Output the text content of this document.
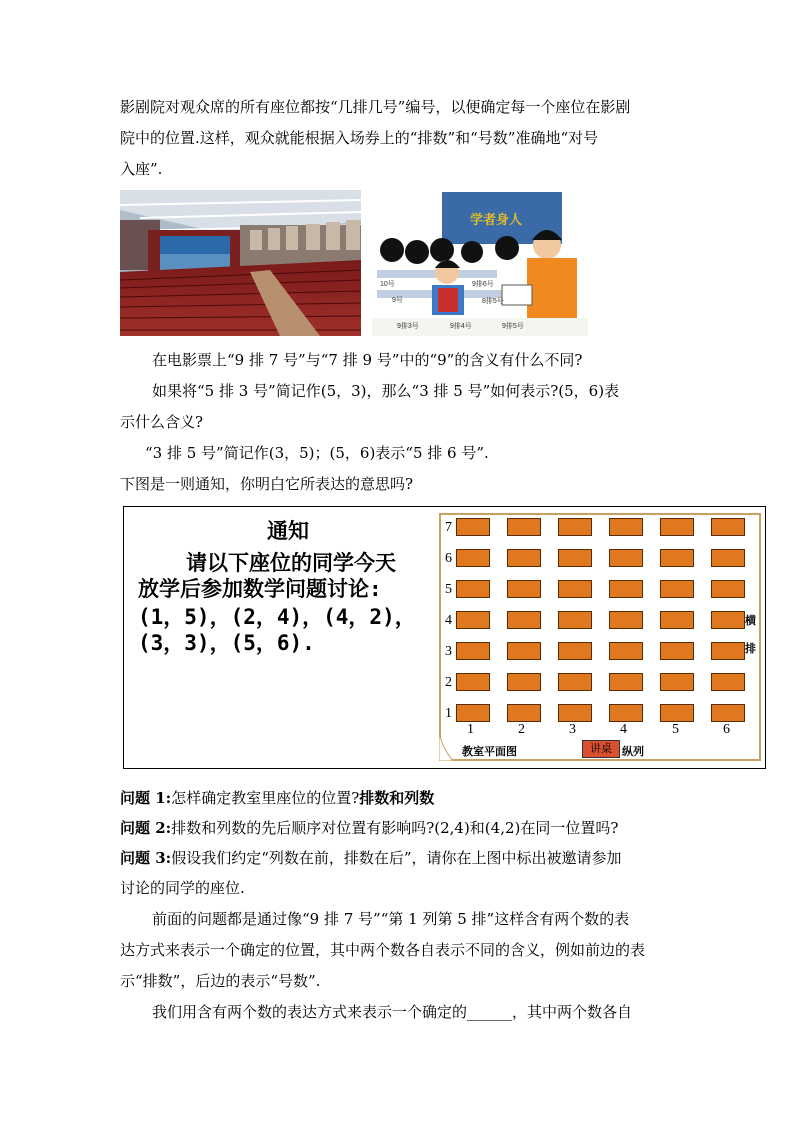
影剧院对观众席的所有座位都按“几排几号”编号，以便确定每一个座位在影剧
院中的位置.这样，观众就能根据入场券上的“排数”和“号数”准确地“对号
入座”.
学者身人
9排6号
9号	8排5号
9排3号	9排4号	9排5号
10号
在电影票上“9 排 7 号”与“7 排 9 号”中的“9”的含义有什么不同?
如果将“5 排 3 号”简记作(5，3)，那么“3 排 5 号”如何表示?(5，6)表
示什么含义?
“3 排 5 号”简记作(3，5)；(5，6)表示“5 排 6 号”.
下图是一则通知，你明白它所表达的意思吗?
通知
请以下座位的同学今天
放学后参加数学问题讨论:
(1，5)，(2，4)，(4，2)，
(3，3)，(5，6).
7
6
5
4
3
2
1
1	2	3	4	5	6
横
排
教室平面图	讲桌 纵列
问题 1:怎样确定教室里座位的位置?排数和列数
问题 2:排数和列数的先后顺序对位置有影响吗?(2,4)和(4,2)在同一位置吗?
问题 3:假设我们约定“列数在前，排数在后”，请你在上图中标出被邀请参加
讨论的同学的座位.
前面的问题都是通过像“9 排 7 号”“第 1 列第 5 排”这样含有两个数的表
达方式来表示一个确定的位置，其中两个数各自表示不同的含义，例如前边的表
示“排数”，后边的表示“号数”.
我们用含有两个数的表达方式来表示一个确定的______，其中两个数各自
